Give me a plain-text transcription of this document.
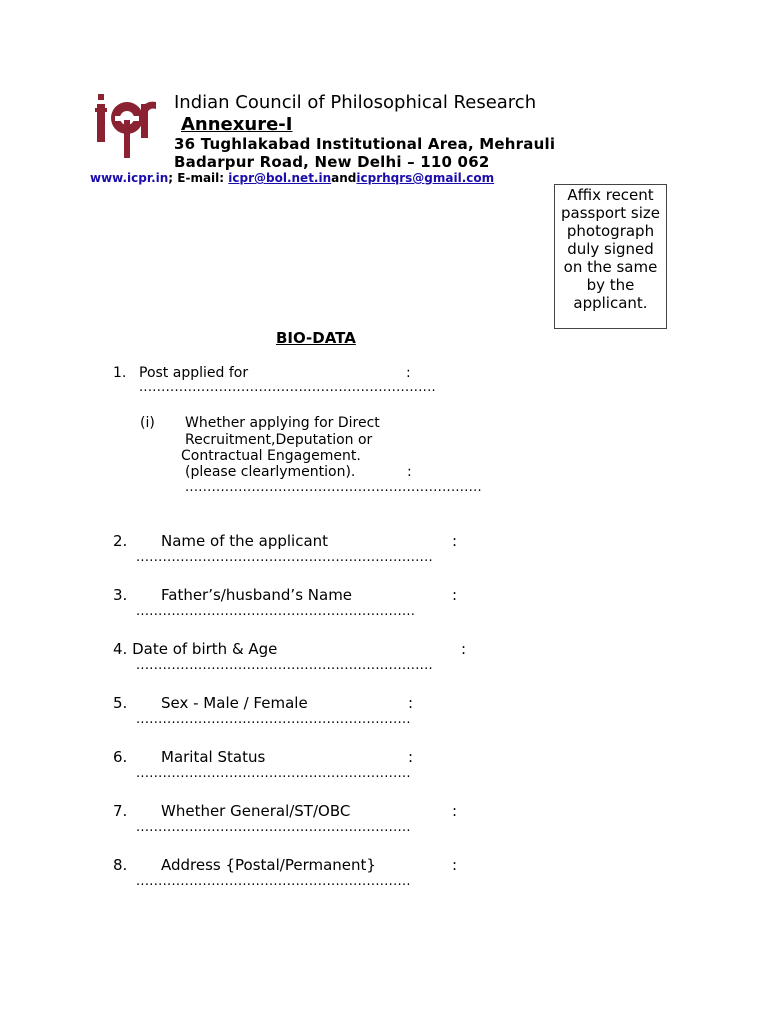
Indian Council of Philosophical Research
Annexure-I
36 Tughlakabad Institutional Area, Mehrauli
Badarpur Road, New Delhi – 110 062
www.icpr.in; E-mail: icpr@bol.net.inandicprhqrs@gmail.com
Affix recent
passport size
photograph
duly signed
on the same
by the
applicant.
BIO-DATA
1. Post applied for	:
...................................................................
(i) Whether applying for Direct
Recruitment,Deputation or
Contractual Engagement.
(please clearlymention).	:
...................................................................
2. Name of the applicant	:
...................................................................
3. Father’s/husband’s Name	:
...............................................................
4. Date of birth & Age	:
...................................................................
5. Sex - Male / Female	:
..............................................................
6. Marital Status	:
..............................................................
7. Whether General/ST/OBC	:
..............................................................
8. Address {Postal/Permanent}	:
..............................................................
